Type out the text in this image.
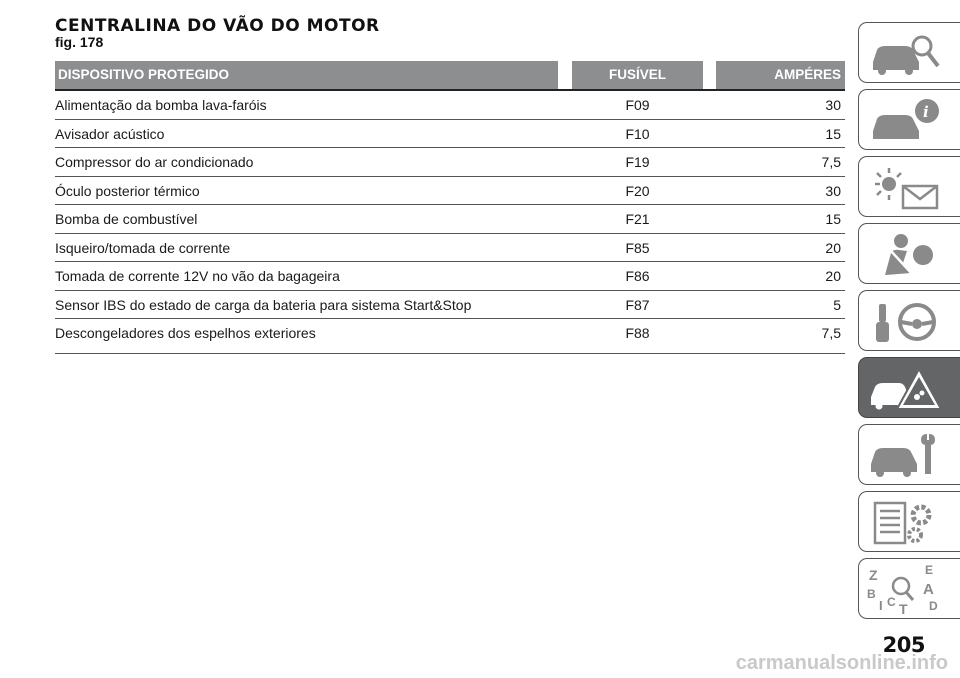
CENTRALINA DO VÃO DO MOTOR
fig. 178
DISPOSITIVO PROTEGIDO	FUSÍVEL	AMPÉRES
Alimentação da bomba lava-faróis	F09	30
Avisador acústico	F10	15
Compressor do ar condicionado	F19	7,5
Óculo posterior térmico	F20	30
Bomba de combustível	F21	15
Isqueiro/tomada de corrente	F85	20
Tomada de corrente 12V no vão da bagageira	F86	20
Sensor IBS do estado de carga da bateria para sistema Start&Stop	F87	5
Descongeladores dos espelhos exteriores	F88	7,5
i
Z	E
B	A
I C T D
205
carmanualsonline.info
